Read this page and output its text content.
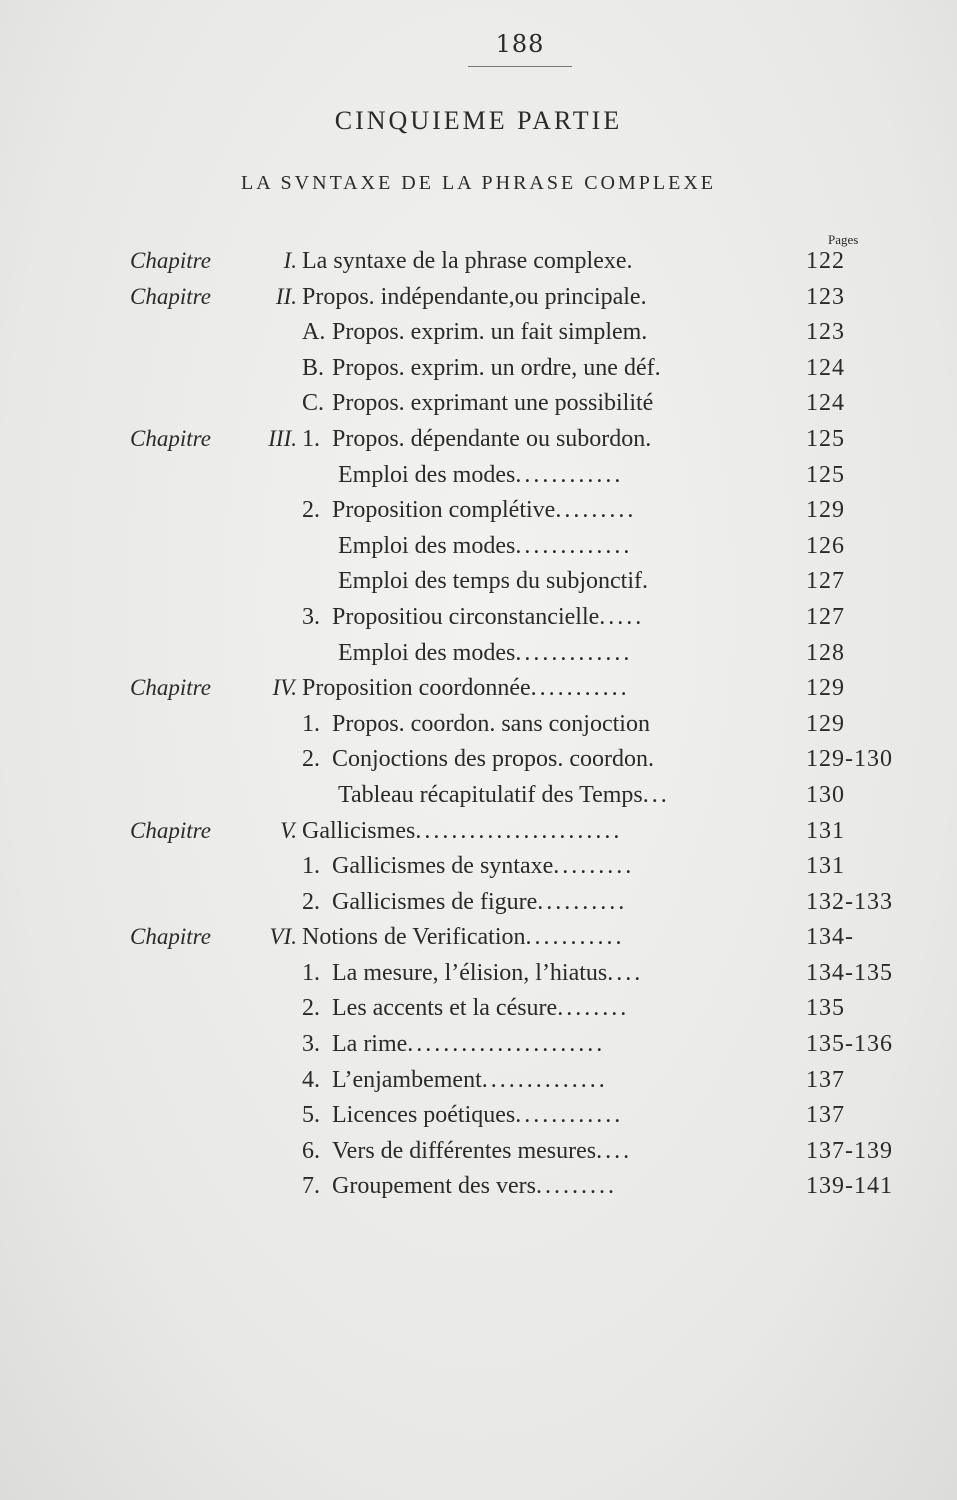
188
CINQUIEME PARTIE
LA SVNTAXE DE LA PHRASE COMPLEXE
Pages
Chapitre	I. La syntaxe de la phrase complexe.	122
Chapitre	II. Propos. indépendante,ou principale.	123
A. Propos. exprim. un fait simplem.	123
B. Propos. exprim. un ordre, une déf.	124
C. Propos. exprimant une possibilité	124
Chapitre III. 1. Propos. dépendante ou subordon.	125
Emploi des modes............	125
2. Proposition complétive.........	129
Emploi des modes.............	126
Emploi des temps du subjonctif.	127
3. Propositiou circonstancielle.....	127
Emploi des modes.............	128
Chapitre	IV. Proposition coordonnée...........	129
1. Propos. coordon. sans conjoction	129
2. Conjoctions des propos. coordon.	129-130
Tableau récapitulatif des Temps...	130
Chapitre	V. Gallicismes.......................	131
1. Gallicismes de syntaxe.........	131
2. Gallicismes de figure..........	132-133
Chapitre	VI. Notions de Verification...........	134-
1. La mesure, l’élision, l’hiatus....	134-135
2. Les accents et la césure........	135
3. La rime......................	135-136
4. L’enjambement..............	137
5. Licences poétiques............	137
6. Vers de différentes mesures....	137-139
7. Groupement des vers.........	139-141
